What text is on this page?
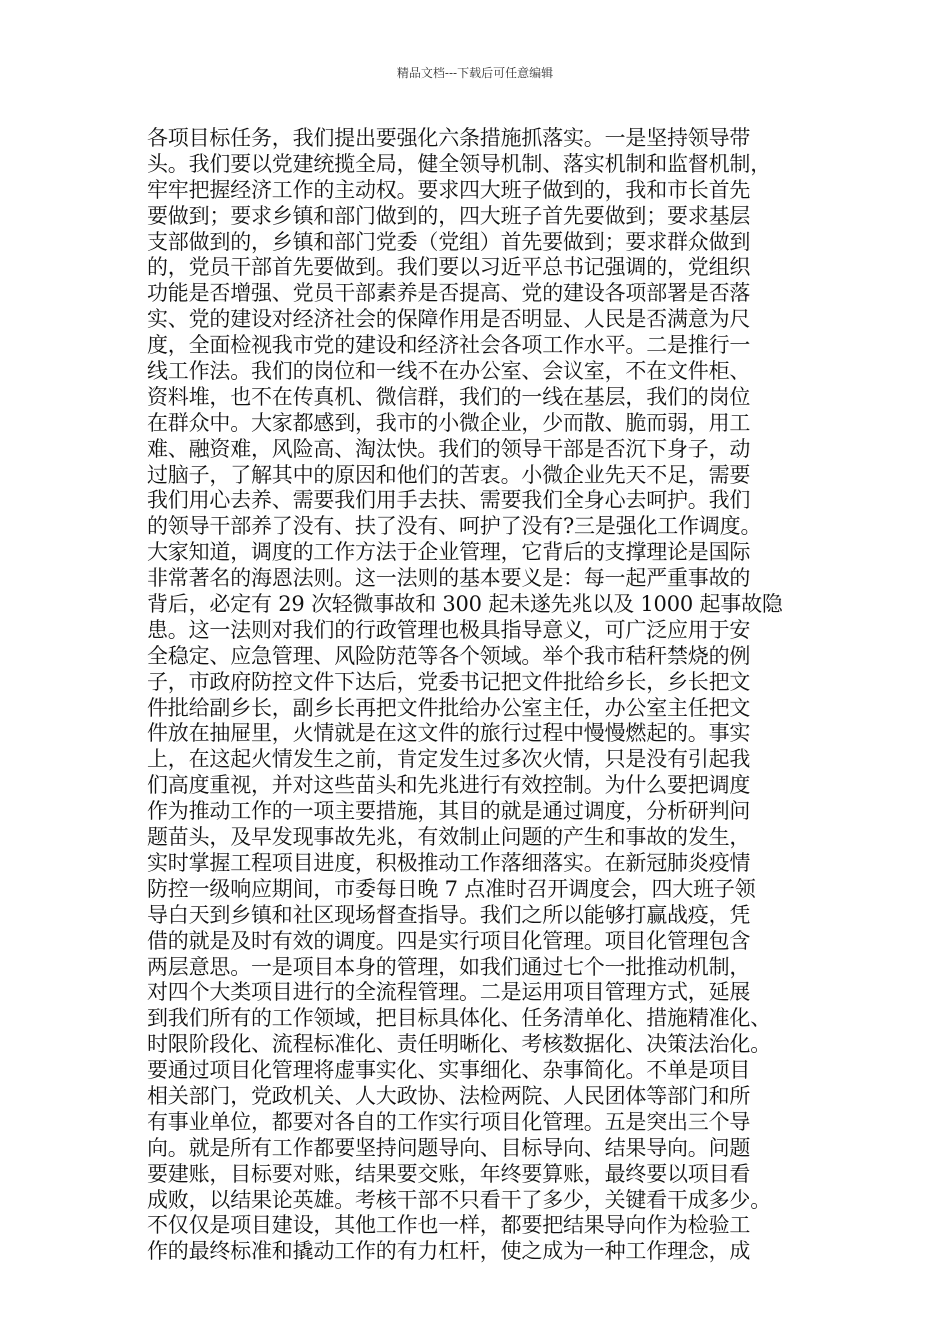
精品文档---下载后可任意编辑
各项目标任务，我们提出要强化六条措施抓落实。一是坚持领导带
头。我们要以党建统揽全局，健全领导机制、落实机制和监督机制，
牢牢把握经济工作的主动权。要求四大班子做到的，我和市长首先
要做到；要求乡镇和部门做到的，四大班子首先要做到；要求基层
支部做到的，乡镇和部门党委（党组）首先要做到；要求群众做到
的，党员干部首先要做到。我们要以习近平总书记强调的，党组织
功能是否增强、党员干部素养是否提高、党的建设各项部署是否落
实、党的建设对经济社会的保障作用是否明显、人民是否满意为尺
度，全面检视我市党的建设和经济社会各项工作水平。二是推行一
线工作法。我们的岗位和一线不在办公室、会议室，不在文件柜、
资料堆，也不在传真机、微信群，我们的一线在基层，我们的岗位
在群众中。大家都感到，我市的小微企业，少而散、脆而弱，用工
难、融资难，风险高、淘汰快。我们的领导干部是否沉下身子，动
过脑子，了解其中的原因和他们的苦衷。小微企业先天不足，需要
我们用心去养、需要我们用手去扶、需要我们全身心去呵护。我们
的领导干部养了没有、扶了没有、呵护了没有?三是强化工作调度。
大家知道，调度的工作方法于企业管理，它背后的支撑理论是国际
非常著名的海恩法则。这一法则的基本要义是：每一起严重事故的
背后，必定有 29 次轻微事故和 300 起未遂先兆以及 1000 起事故隐
患。这一法则对我们的行政管理也极具指导意义，可广泛应用于安
全稳定、应急管理、风险防范等各个领域。举个我市秸秆禁烧的例
子，市政府防控文件下达后，党委书记把文件批给乡长，乡长把文
件批给副乡长，副乡长再把文件批给办公室主任，办公室主任把文
件放在抽屉里，火情就是在这文件的旅行过程中慢慢燃起的。事实
上，在这起火情发生之前，肯定发生过多次火情，只是没有引起我
们高度重视，并对这些苗头和先兆进行有效控制。为什么要把调度
作为推动工作的一项主要措施，其目的就是通过调度，分析研判问
题苗头，及早发现事故先兆，有效制止问题的产生和事故的发生，
实时掌握工程项目进度，积极推动工作落细落实。在新冠肺炎疫情
防控一级响应期间，市委每日晚 7 点准时召开调度会，四大班子领
导白天到乡镇和社区现场督查指导。我们之所以能够打赢战疫，凭
借的就是及时有效的调度。四是实行项目化管理。项目化管理包含
两层意思。一是项目本身的管理，如我们通过七个一批推动机制，
对四个大类项目进行的全流程管理。二是运用项目管理方式，延展
到我们所有的工作领域，把目标具体化、任务清单化、措施精准化、
时限阶段化、流程标准化、责任明晰化、考核数据化、决策法治化。
要通过项目化管理将虚事实化、实事细化、杂事简化。不单是项目
相关部门，党政机关、人大政协、法检两院、人民团体等部门和所
有事业单位，都要对各自的工作实行项目化管理。五是突出三个导
向。就是所有工作都要坚持问题导向、目标导向、结果导向。问题
要建账，目标要对账，结果要交账，年终要算账，最终要以项目看
成败，以结果论英雄。考核干部不只看干了多少，关键看干成多少。
不仅仅是项目建设，其他工作也一样，都要把结果导向作为检验工
作的最终标准和撬动工作的有力杠杆，使之成为一种工作理念，成
